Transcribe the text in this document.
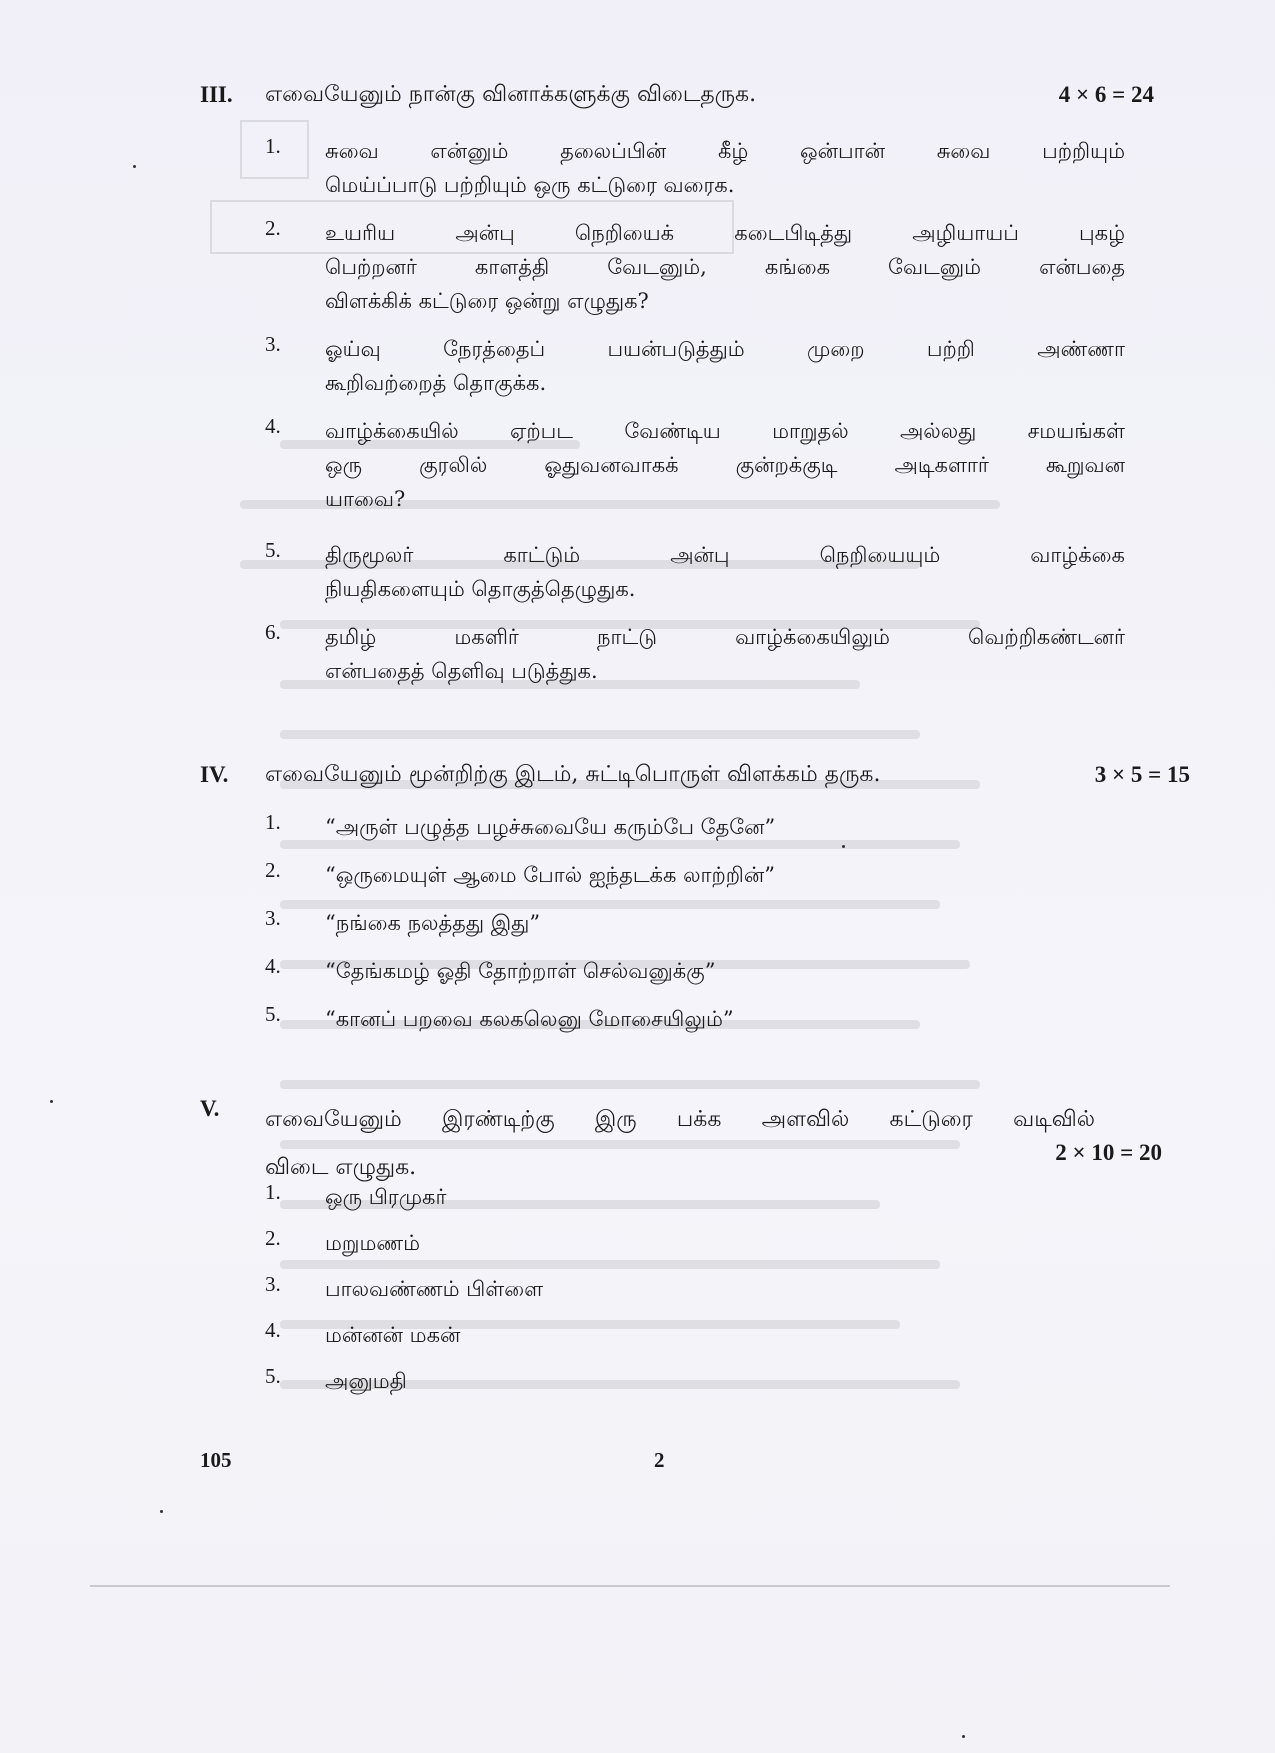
III. எவையேனும் நான்கு வினாக்களுக்கு விடைதருக.	4 × 6 = 24
1. சுவை என்னும் தலைப்பின் கீழ் ஒன்பான் சுவை பற்றியும்
மெய்ப்பாடு பற்றியும் ஒரு கட்டுரை வரைக.
2. உயரிய அன்பு நெறியைக் கடைபிடித்து அழியாயப் புகழ்
பெற்றனர் காளத்தி வேடனும், கங்கை வேடனும் என்பதை
விளக்கிக் கட்டுரை ஒன்று எழுதுக?
3. ஓய்வு நேரத்தைப் பயன்படுத்தும் முறை பற்றி அண்ணா
கூறிவற்றைத் தொகுக்க.
4. வாழ்க்கையில் ஏற்பட வேண்டிய மாறுதல் அல்லது சமயங்கள்
ஒரு குரலில் ஓதுவனவாகக் குன்றக்குடி அடிகளார் கூறுவன
யாவை?
5. திருமூலர் காட்டும் அன்பு நெறியையும் வாழ்க்கை
நியதிகளையும் தொகுத்தெழுதுக.
6. தமிழ் மகளிர் நாட்டு வாழ்க்கையிலும் வெற்றிகண்டனர்
என்பதைத் தெளிவு படுத்துக.
IV. எவையேனும் மூன்றிற்கு இடம், சுட்டிபொருள் விளக்கம் தருக.	3 × 5 = 15
1. “அருள் பழுத்த பழச்சுவையே கரும்பே தேனே”
2. “ஒருமையுள் ஆமை போல் ஐந்தடக்க லாற்றின்”
3. “நங்கை நலத்தது இது”
4. “தேங்கமழ் ஓதி தோற்றாள் செல்வனுக்கு”
5. “கானப் பறவை கலகலெனு மோசையிலும்”
V. எவையேனும் இரண்டிற்கு இரு பக்க அளவில் கட்டுரை வடிவில்
விடை எழுதுக.
2 × 10 = 20
1. ஒரு பிரமுகர்
2. மறுமணம்
3. பாலவண்ணம் பிள்ளை
4. மன்னன் மகன்
5. அனுமதி
105	2
